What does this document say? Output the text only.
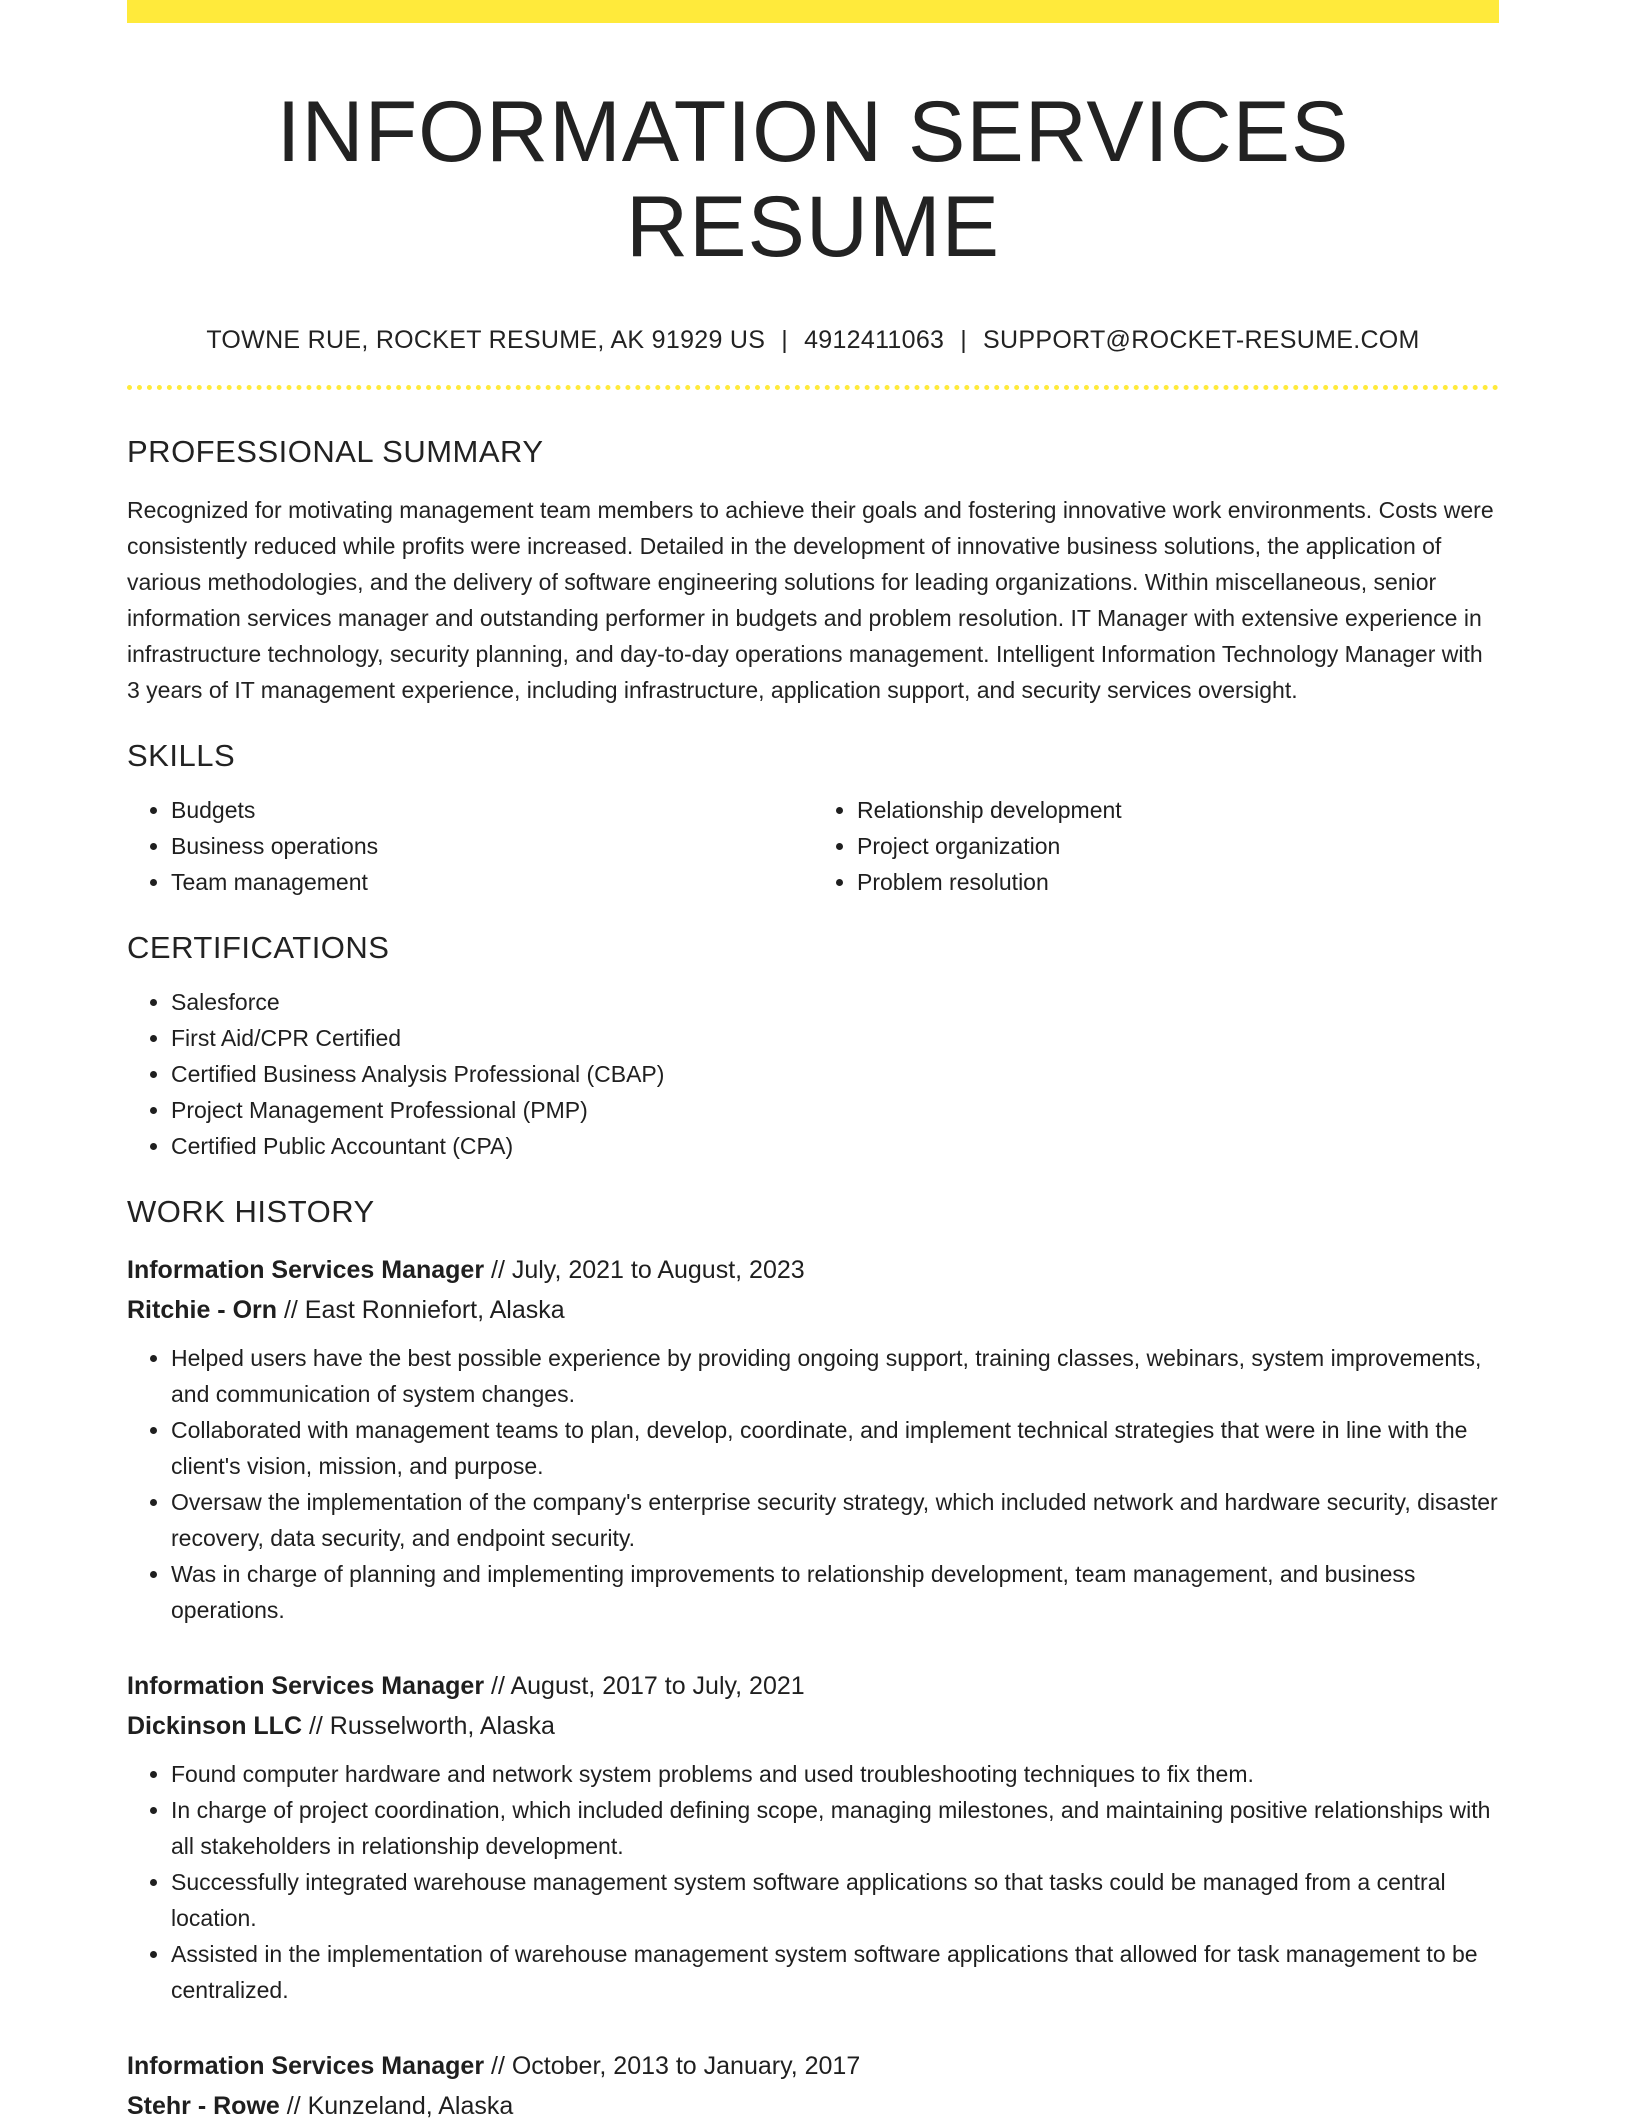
INFORMATION SERVICES RESUME
TOWNE RUE, ROCKET RESUME, AK 91929 US | 4912411063 | SUPPORT@ROCKET-RESUME.COM
PROFESSIONAL SUMMARY
Recognized for motivating management team members to achieve their goals and fostering innovative work environments. Costs were consistently reduced while profits were increased. Detailed in the development of innovative business solutions, the application of various methodologies, and the delivery of software engineering solutions for leading organizations. Within miscellaneous, senior information services manager and outstanding performer in budgets and problem resolution. IT Manager with extensive experience in infrastructure technology, security planning, and day-to-day operations management. Intelligent Information Technology Manager with 3 years of IT management experience, including infrastructure, application support, and security services oversight.
SKILLS
• Budgets
• Business operations
• Team management
• Relationship development
• Project organization
• Problem resolution
CERTIFICATIONS
• Salesforce
• First Aid/CPR Certified
• Certified Business Analysis Professional (CBAP)
• Project Management Professional (PMP)
• Certified Public Accountant (CPA)
WORK HISTORY
Information Services Manager // July, 2021 to August, 2023
Ritchie - Orn // East Ronniefort, Alaska
• Helped users have the best possible experience by providing ongoing support, training classes, webinars, system improvements, and communication of system changes.
• Collaborated with management teams to plan, develop, coordinate, and implement technical strategies that were in line with the client's vision, mission, and purpose.
• Oversaw the implementation of the company's enterprise security strategy, which included network and hardware security, disaster recovery, data security, and endpoint security.
• Was in charge of planning and implementing improvements to relationship development, team management, and business operations.
Information Services Manager // August, 2017 to July, 2021
Dickinson LLC // Russelworth, Alaska
• Found computer hardware and network system problems and used troubleshooting techniques to fix them.
• In charge of project coordination, which included defining scope, managing milestones, and maintaining positive relationships with all stakeholders in relationship development.
• Successfully integrated warehouse management system software applications so that tasks could be managed from a central location.
• Assisted in the implementation of warehouse management system software applications that allowed for task management to be centralized.
Information Services Manager // October, 2013 to January, 2017
Stehr - Rowe // Kunzeland, Alaska
